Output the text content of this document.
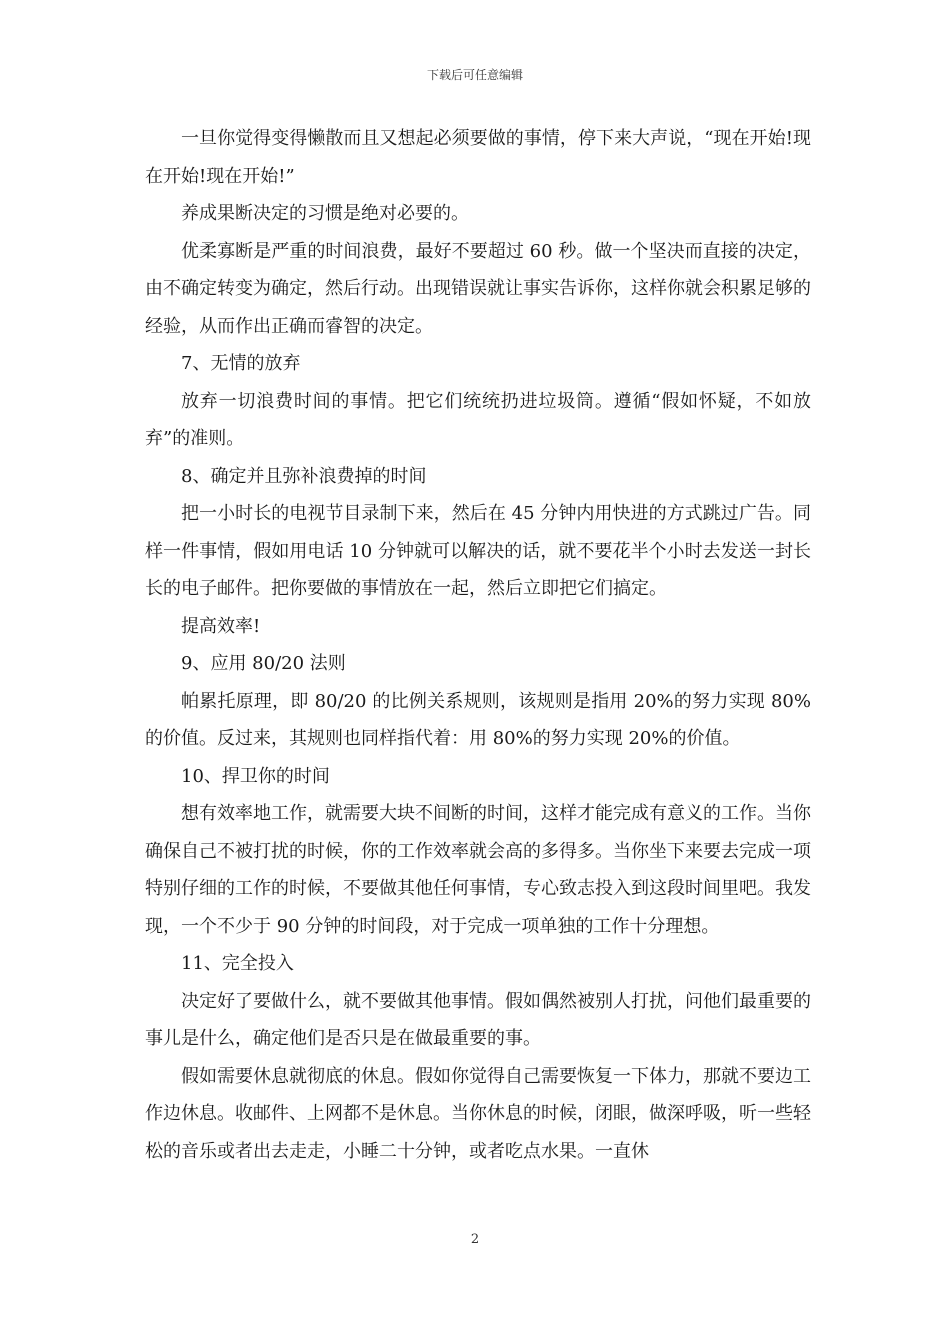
下载后可任意编辑

一旦你觉得变得懒散而且又想起必须要做的事情，停下来大声说，“现在开始!现在开始!现在开始!”

养成果断决定的习惯是绝对必要的。

优柔寡断是严重的时间浪费，最好不要超过 60 秒。做一个坚决而直接的决定，由不确定转变为确定，然后行动。出现错误就让事实告诉你，这样你就会积累足够的经验，从而作出正确而睿智的决定。

7、无情的放弃

放弃一切浪费时间的事情。把它们统统扔进垃圾筒。遵循“假如怀疑，不如放弃”的准则。

8、确定并且弥补浪费掉的时间

把一小时长的电视节目录制下来，然后在 45 分钟内用快进的方式跳过广告。同样一件事情，假如用电话 10 分钟就可以解决的话，就不要花半个小时去发送一封长长的电子邮件。把你要做的事情放在一起，然后立即把它们搞定。

提高效率!

9、应用 80/20 法则

帕累托原理，即 80/20 的比例关系规则，该规则是指用 20%的努力实现 80%的价值。反过来，其规则也同样指代着：用 80%的努力实现 20%的价值。

10、捍卫你的时间

想有效率地工作，就需要大块不间断的时间，这样才能完成有意义的工作。当你确保自己不被打扰的时候，你的工作效率就会高的多得多。当你坐下来要去完成一项特别仔细的工作的时候，不要做其他任何事情，专心致志投入到这段时间里吧。我发现，一个不少于 90 分钟的时间段，对于完成一项单独的工作十分理想。

11、完全投入

决定好了要做什么，就不要做其他事情。假如偶然被别人打扰，问他们最重要的事儿是什么，确定他们是否只是在做最重要的事。

假如需要休息就彻底的休息。假如你觉得自己需要恢复一下体力，那就不要边工作边休息。收邮件、上网都不是休息。当你休息的时候，闭眼，做深呼吸，听一些轻松的音乐或者出去走走，小睡二十分钟，或者吃点水果。一直休

2
